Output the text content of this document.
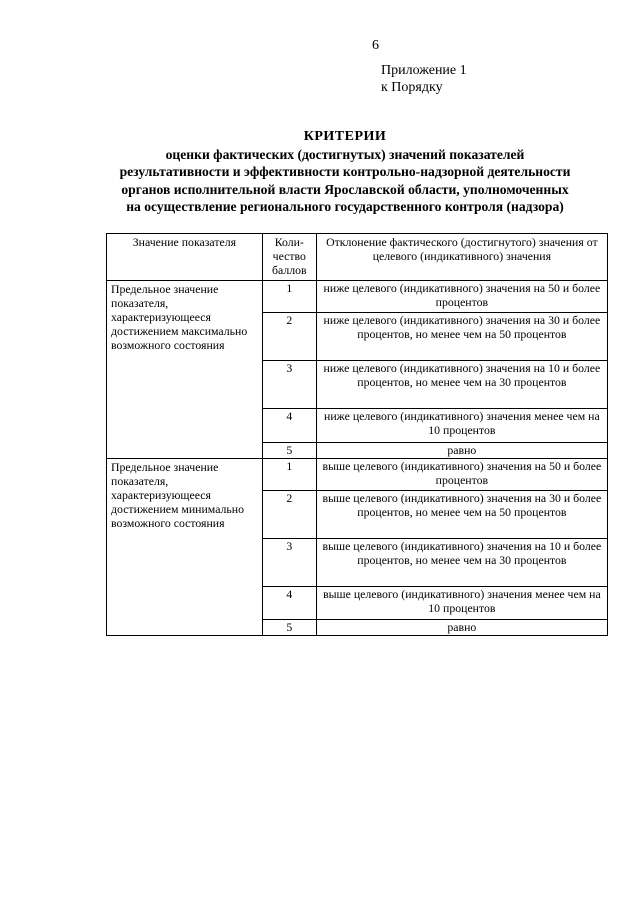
6
Приложение 1
к Порядку
КРИТЕРИИ
оценки фактических (достигнутых) значений показателей
результативности и эффективности контрольно-надзорной деятельности
органов исполнительной власти Ярославской области, уполномоченных
на осуществление регионального государственного контроля (надзора)
Значение показателя	Коли-чество баллов	Отклонение фактического (достигнутого) значения от целевого (индикативного) значения
Предельное значение показателя, характеризующееся достижением максимально возможного состояния	1	ниже целевого (индикативного) значения на 50 и более процентов
	2	ниже целевого (индикативного) значения на 30 и более процентов, но менее чем на 50 процентов
	3	ниже целевого (индикативного) значения на 10 и более процентов, но менее чем на 30 процентов
	4	ниже целевого (индикативного) значения менее чем на 10 процентов
	5	равно
Предельное значение показателя, характеризующееся достижением минимально возможного состояния	1	выше целевого (индикативного) значения на 50 и более процентов
	2	выше целевого (индикативного) значения на 30 и более процентов, но менее чем на 50 процентов
	3	выше целевого (индикативного) значения на 10 и более процентов, но менее чем на 30 процентов
	4	выше целевого (индикативного) значения менее чем на 10 процентов
	5	равно
